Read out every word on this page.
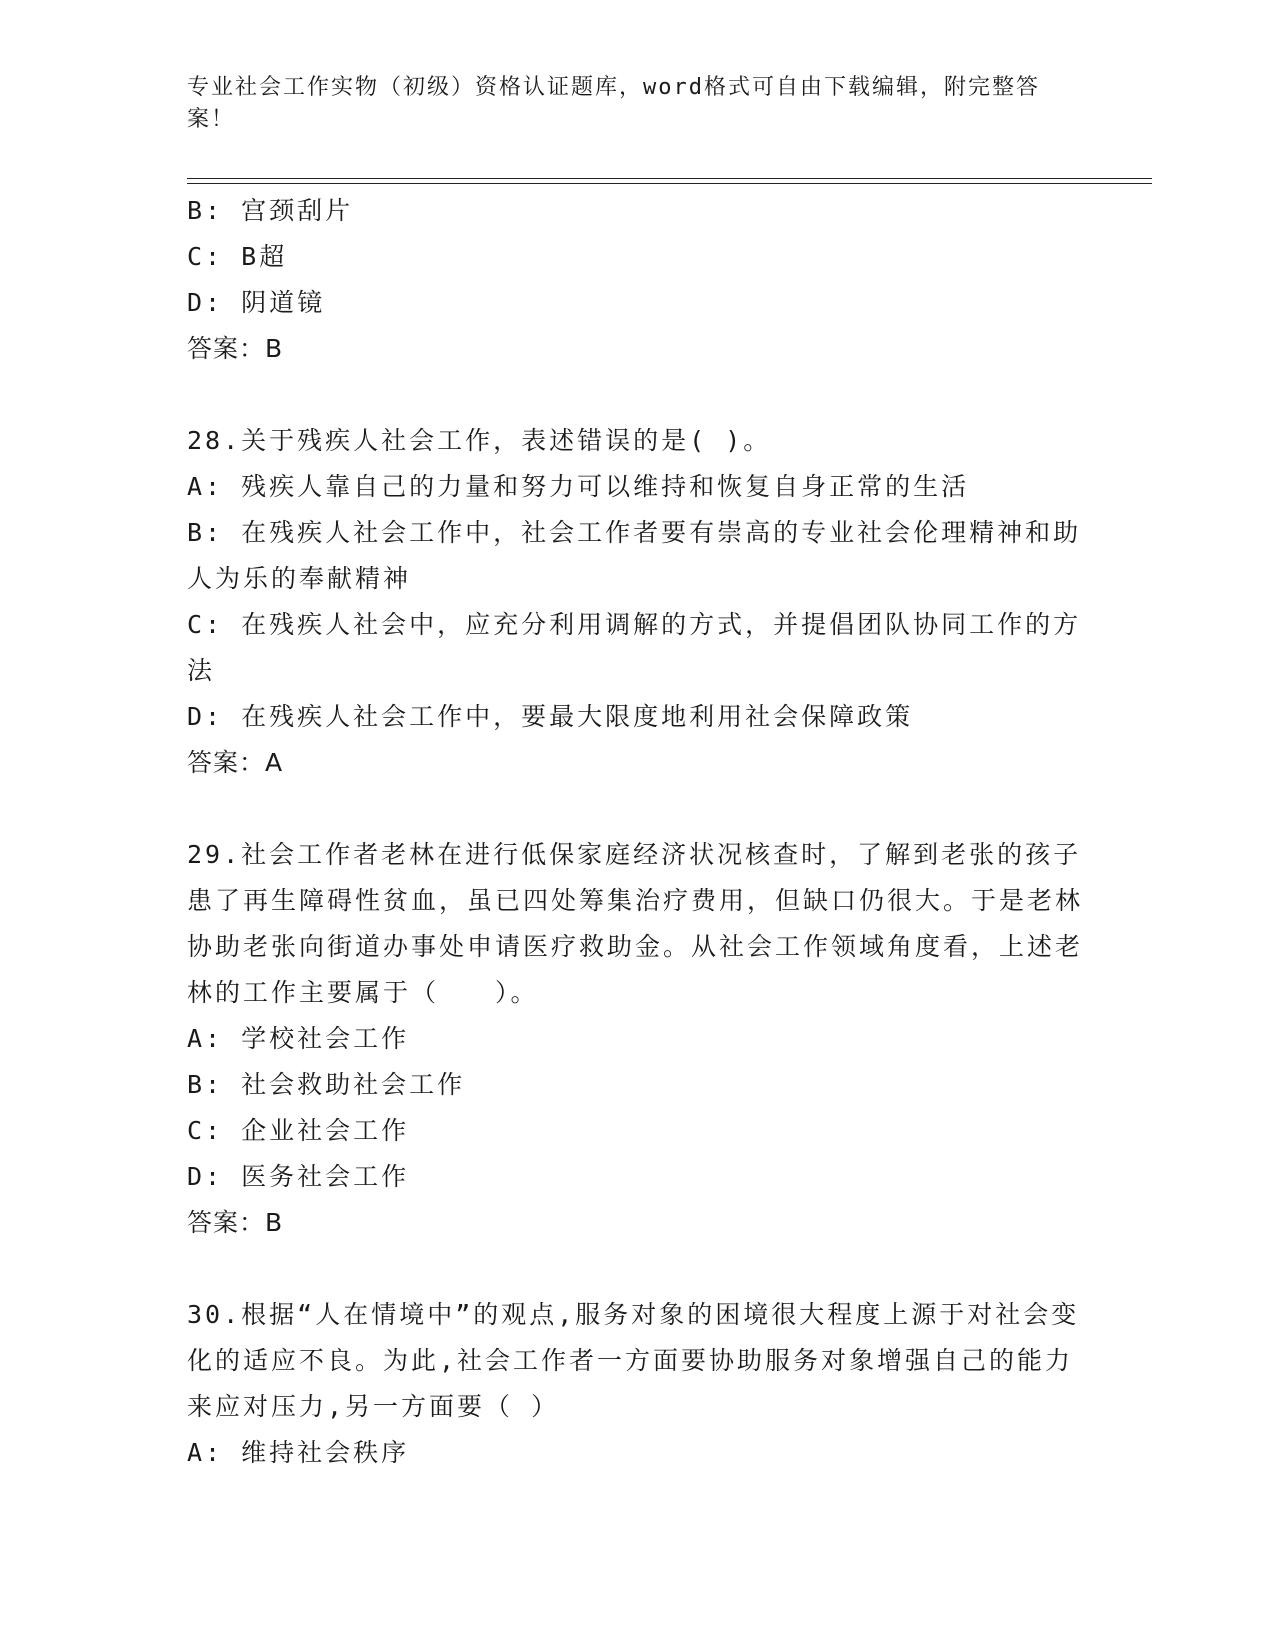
专业社会工作实物（初级）资格认证题库，word格式可自由下载编辑，附完整答案！
B: 宫颈刮片
C: B超
D: 阴道镜
答案：B
28.关于残疾人社会工作，表述错误的是( )。
A: 残疾人靠自己的力量和努力可以维持和恢复自身正常的生活
B: 在残疾人社会工作中，社会工作者要有崇高的专业社会伦理精神和助人为乐的奉献精神
C: 在残疾人社会中，应充分利用调解的方式，并提倡团队协同工作的方法
D: 在残疾人社会工作中，要最大限度地利用社会保障政策
答案：A
29.社会工作者老林在进行低保家庭经济状况核查时，了解到老张的孩子患了再生障碍性贫血，虽已四处筹集治疗费用，但缺口仍很大。于是老林协助老张向街道办事处申请医疗救助金。从社会工作领域角度看，上述老林的工作主要属于（　　）。
A: 学校社会工作
B: 社会救助社会工作
C: 企业社会工作
D: 医务社会工作
答案：B
30.根据“人在情境中”的观点,服务对象的困境很大程度上源于对社会变化的适应不良。为此,社会工作者一方面要协助服务对象增强自己的能力来应对压力,另一方面要（ ）
A: 维持社会秩序
